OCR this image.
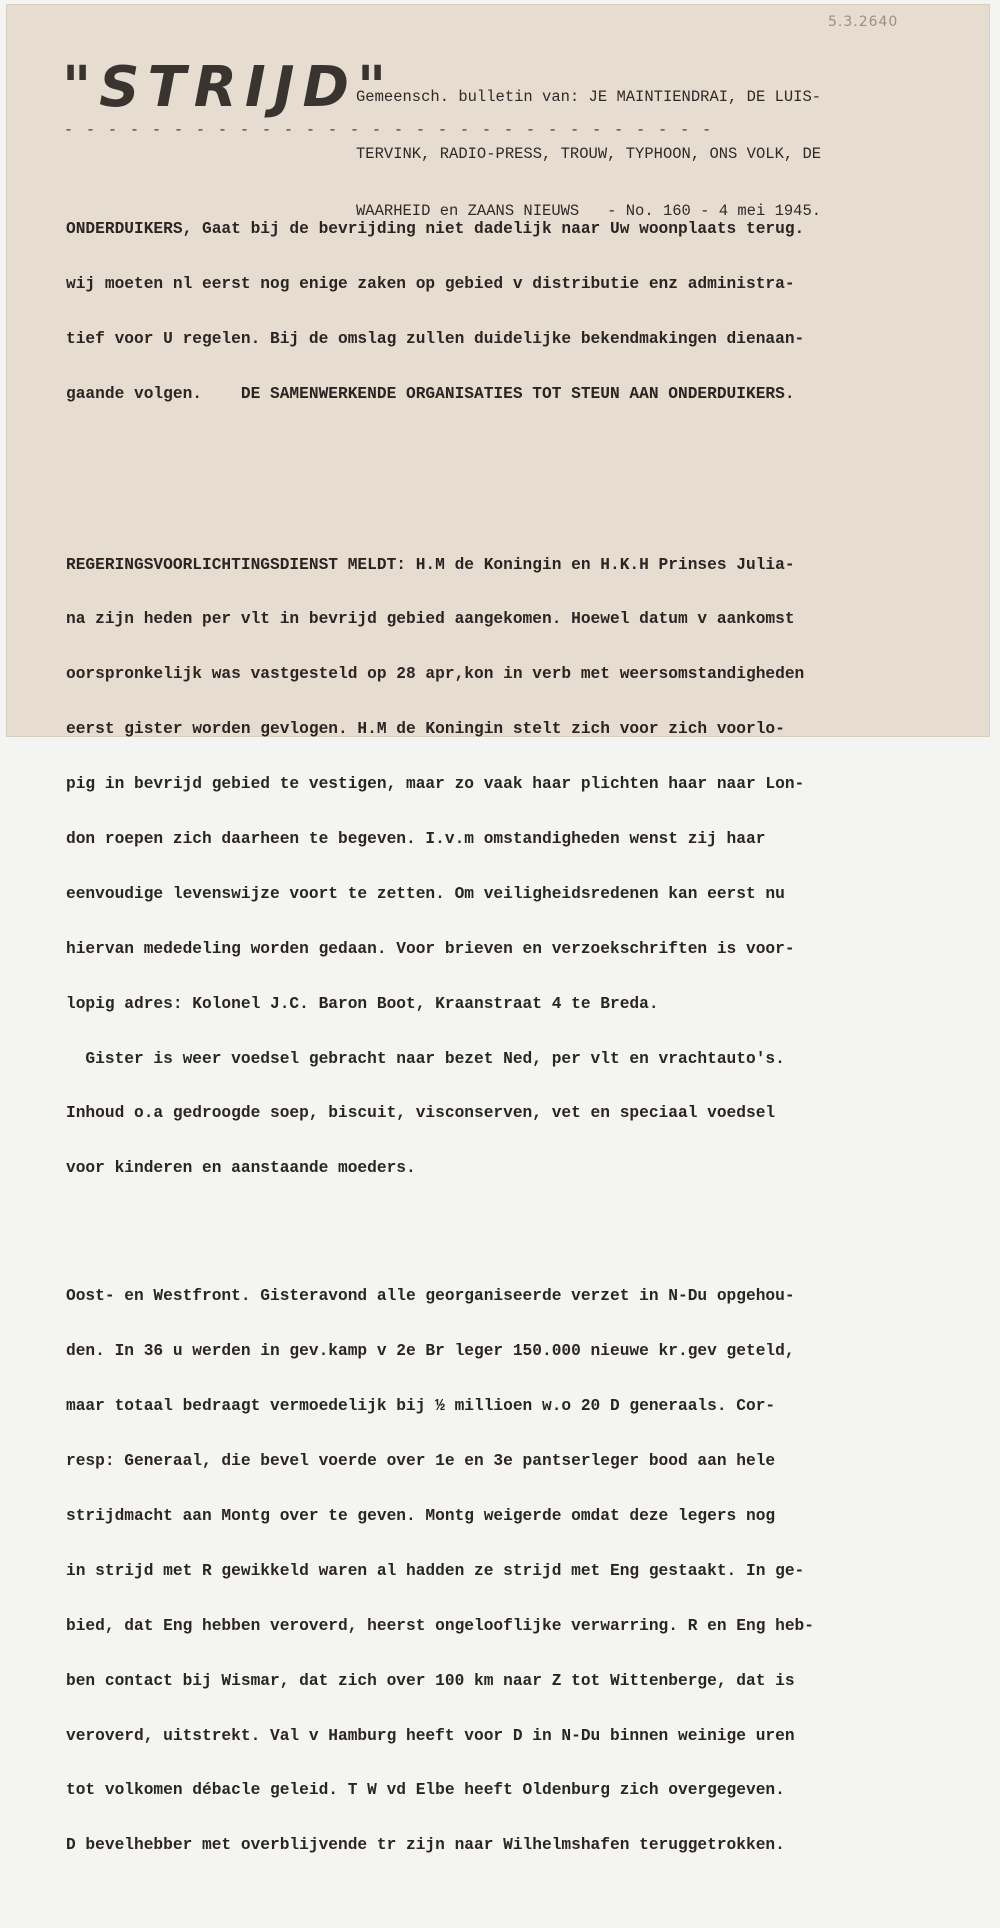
5.3.2640
"STRIJD"

Gemeensch. bulletin van: JE MAINTIENDRAI, DE LUIS-

TERVINK, RADIO-PRESS, TROUW, TYPHOON, ONS VOLK, DE

WAARHEID en ZAANS NIEUWS   - No. 160 - 4 mei 1945.

- - - - - - - - - - - - - - - - - - - - - - - - - - - - - -

ONDERDUIKERS, Gaat bij de bevrijding niet dadelijk naar Uw woonplaats terug.

wij moeten nl eerst nog enige zaken op gebied v distributie enz administra-

tief voor U regelen. Bij de omslag zullen duidelijke bekendmakingen dienaan-

gaande volgen.    DE SAMENWERKENDE ORGANISATIES TOT STEUN AAN ONDERDUIKERS.

REGERINGSVOORLICHTINGSDIENST MELDT: H.M de Koningin en H.K.H Prinses Julia-

na zijn heden per vlt in bevrijd gebied aangekomen. Hoewel datum v aankomst

oorspronkelijk was vastgesteld op 28 apr,kon in verb met weersomstandigheden

eerst gister worden gevlogen. H.M de Koningin stelt zich voor zich voorlo-

pig in bevrijd gebied te vestigen, maar zo vaak haar plichten haar naar Lon-

don roepen zich daarheen te begeven. I.v.m omstandigheden wenst zij haar

eenvoudige levenswijze voort te zetten. Om veiligheidsredenen kan eerst nu

hiervan mededeling worden gedaan. Voor brieven en verzoekschriften is voor-

lopig adres: Kolonel J.C. Baron Boot, Kraanstraat 4 te Breda.

Gister is weer voedsel gebracht naar bezet Ned, per vlt en vrachtauto's.

Inhoud o.a gedroogde soep, biscuit, visconserven, vet en speciaal voedsel

voor kinderen en aanstaande moeders.

Oost- en Westfront. Gisteravond alle georganiseerde verzet in N-Du opgehou-

den. In 36 u werden in gev.kamp v 2e Br leger 150.000 nieuwe kr.gev geteld,

maar totaal bedraagt vermoedelijk bij ½ millioen w.o 20 D generaals. Cor-

resp: Generaal, die bevel voerde over 1e en 3e pantserleger bood aan hele

strijdmacht aan Montg over te geven. Montg weigerde omdat deze legers nog

in strijd met R gewikkeld waren al hadden ze strijd met Eng gestaakt. In ge-

bied, dat Eng hebben veroverd, heerst ongelooflijke verwarring. R en Eng heb-

ben contact bij Wismar, dat zich over 100 km naar Z tot Wittenberge, dat is

veroverd, uitstrekt. Val v Hamburg heeft voor D in N-Du binnen weinige uren

tot volkomen débacle geleid. T W vd Elbe heeft Oldenburg zich overgegeven.

D bevelhebber met overblijvende tr zijn naar Wilhelmshafen teruggetrokken.
